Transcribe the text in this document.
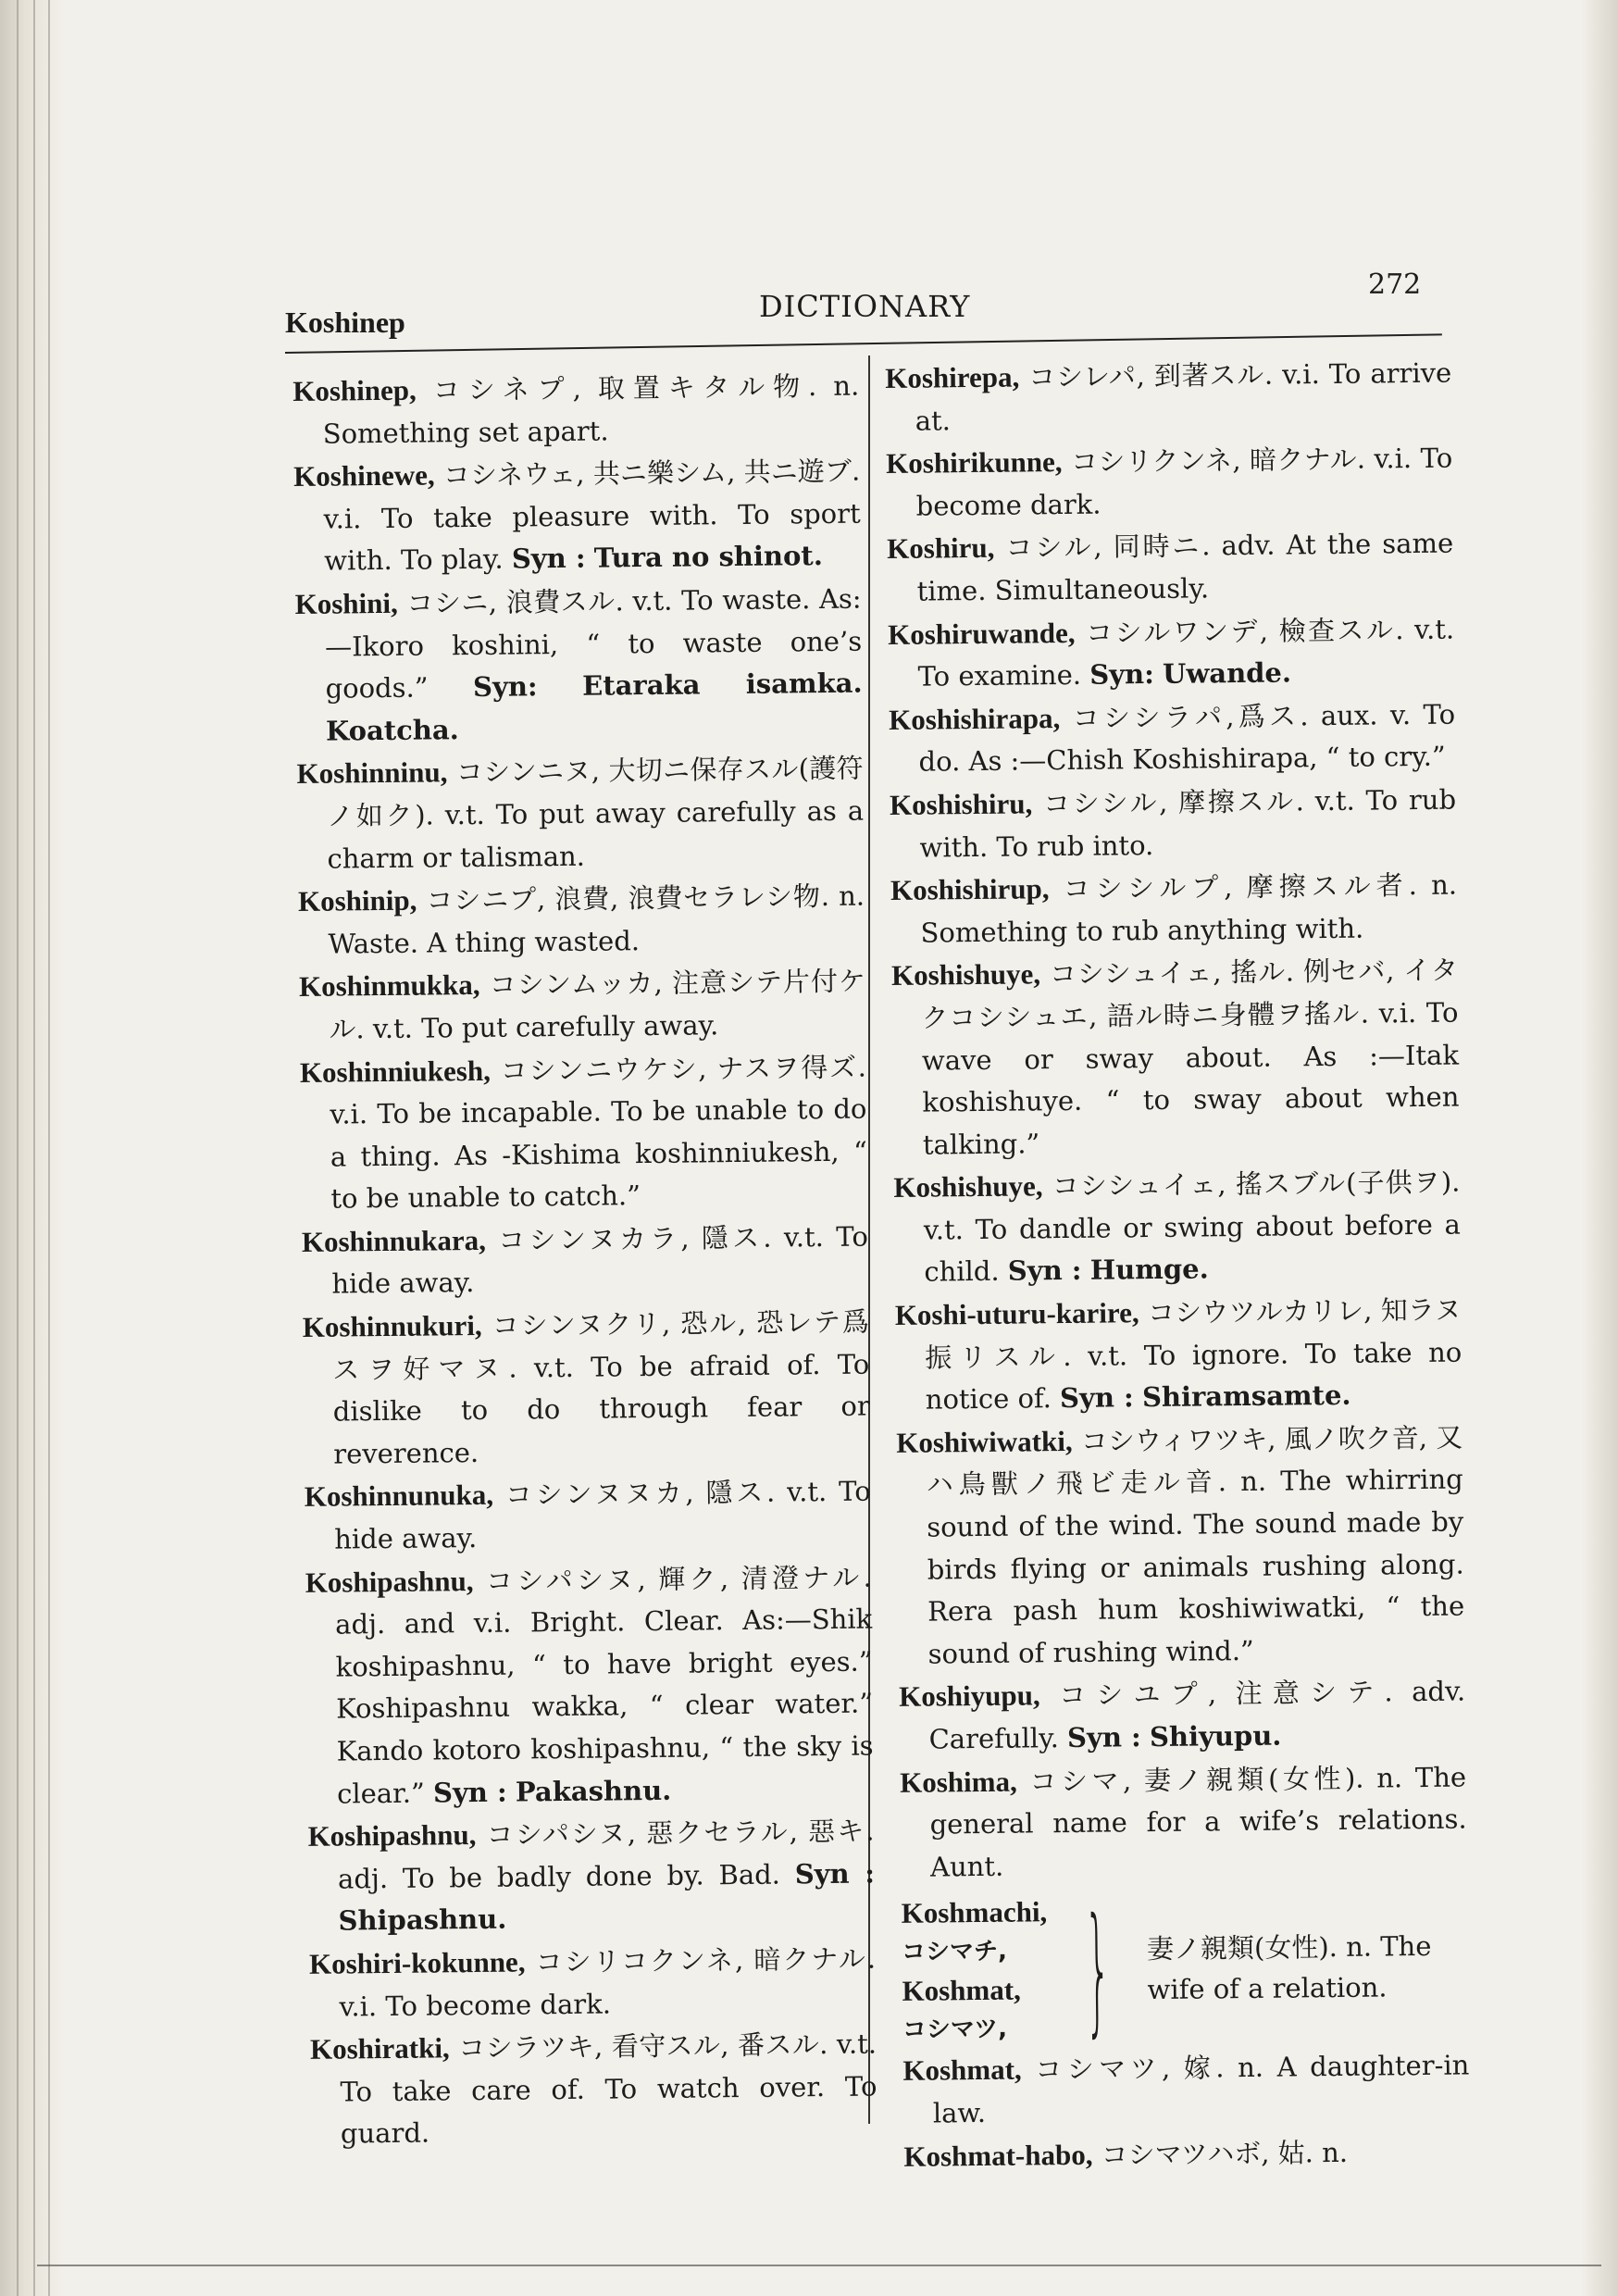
Koshinep	DICTIONARY
272

Koshinep, コシネプ, 取置キタル物. n. Something set apart.

Koshinewe, コシネウェ, 共ニ樂シム, 共ニ遊ブ. v.i. To take pleasure with. To sport with. To play. Syn : Tura no shinot.

Koshini, コシニ, 浪費スル. v.t. To waste. As:—Ikoro koshini, “ to waste one’s goods.” Syn: Etaraka isamka. Koatcha.

Koshinninu, コシンニヌ, 大切ニ保存スル(護符ノ如ク). v.t. To put away carefully as a charm or talisman.

Koshinip, コシニプ, 浪費, 浪費セラレシ物. n. Waste. A thing wasted.

Koshinmukka, コシンムッカ, 注意シテ片付ケル. v.t. To put carefully away.

Koshinniukesh, コシンニウケシ, ナスヲ得ズ. v.i. To be incapable. To be unable to do a thing. As -Kishima koshinniukesh, “ to be unable to catch.”

Koshinnukara, コシンヌカラ, 隱ス. v.t. To hide away.

Koshinnukuri, コシンヌクリ, 恐ル, 恐レテ爲スヲ好マヌ. v.t. To be afraid of. To dislike to do through fear or reverence.

Koshinnunuka, コシンヌヌカ, 隱ス. v.t. To hide away.

Koshipashnu, コシパシヌ, 輝ク, 清澄ナル. adj. and v.i. Bright. Clear. As:—Shik koshipashnu, “ to have bright eyes.” Koshipashnu wakka, “ clear water.” Kando kotoro koshipashnu, “ the sky is clear.” Syn : Pakashnu.

Koshipashnu, コシパシヌ, 惡クセラル, 惡キ. adj. To be badly done by. Bad. Syn : Shipashnu.

Koshiri-kokunne, コシリコクンネ, 暗クナル. v.i. To become dark.

Koshiratki, コシラツキ, 看守スル, 番スル. v.t. To take care of. To watch over. To guard.

Koshirepa, コシレパ, 到著スル. v.i. To arrive at.

Koshirikunne, コシリクンネ, 暗クナル. v.i. To become dark.

Koshiru, コシル, 同時ニ. adv. At the same time. Simultaneously.

Koshiruwande, コシルワンデ, 檢查スル. v.t. To examine. Syn: Uwande.

Koshishirapa, コシシラパ,爲ス. aux. v. To do. As :—Chish Koshishirapa, “ to cry.”

Koshishiru, コシシル, 摩擦スル. v.t. To rub with. To rub into.

Koshishirup, コシシルプ, 摩擦スル者. n. Something to rub anything with.

Koshishuye, コシシュイェ, 搖ル. 例セバ, イタクコシシュエ, 語ル時ニ身體ヲ搖ル. v.i. To wave or sway about. As :—Itak koshishuye. “ to sway about when talking.”

Koshishuye, コシシュイェ, 搖スブル(子供ヲ). v.t. To dandle or swing about before a child. Syn : Humge.

Koshi-uturu-karire, コシウツルカリレ, 知ラヌ振リスル. v.t. To ignore. To take no notice of. Syn : Shiramsamte.

Koshiwiwatki, コシウィワツキ, 風ノ吹ク音, 又ハ鳥獸ノ飛ビ走ル音. n. The whirring sound of the wind. The sound made by birds flying or animals rushing along. Rera pash hum koshiwiwatki, “ the sound of rushing wind.”

Koshiyupu, コシユプ, 注意シテ. adv. Carefully. Syn : Shiyupu.

Koshima, コシマ, 妻ノ親類(女性). n. The general name for a wife’s relations. Aunt.

Koshmachi,
コシマチ,
Koshmat,
コシマツ, } 妻ノ親類(女性). n. The wife of a relation.

Koshmat, コシマツ, 嫁. n. A daughter-in law.

Koshmat-habo, コシマツハボ, 姑. n.
